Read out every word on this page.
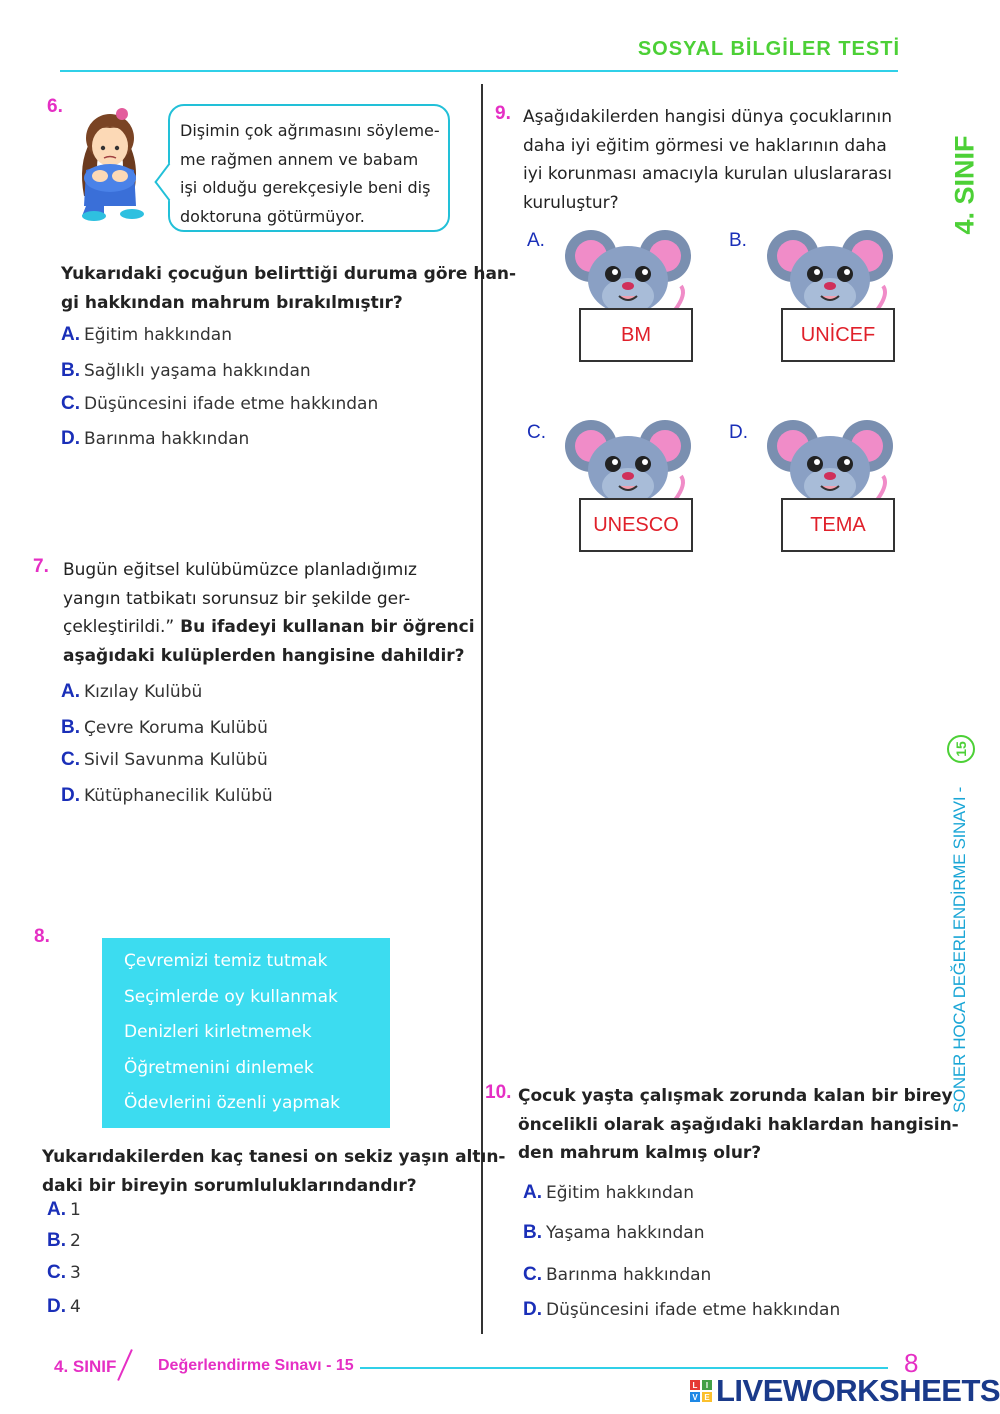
SOSYAL BİLGİLER TESTİ
4. SINIF
15
SONER HOCA DEĞERLENDİRME SINAVI -
6.
Dişimin çok ağrımasını söyleme-
me rağmen annem ve babam
işi olduğu gerekçesiyle beni diş
doktoruna götürmüyor.
Yukarıdaki çocuğun belirttiği duruma göre han-
gi hakkından mahrum bırakılmıştır?
A. Eğitim hakkından
B. Sağlıklı yaşama hakkından
C. Düşüncesini ifade etme hakkından
D. Barınma hakkından
7. Bugün eğitsel kulübümüzce planladığımız
yangın tatbikatı sorunsuz bir şekilde ger-
çekleştirildi.” Bu ifadeyi kullanan bir öğrenci
aşağıdaki kulüplerden hangisine dahildir?
A. Kızılay Kulübü
B. Çevre Koruma Kulübü
C. Sivil Savunma Kulübü
D. Kütüphanecilik Kulübü
8.
Çevremizi temiz tutmak
Seçimlerde oy kullanmak
Denizleri kirletmemek
Öğretmenini dinlemek
Ödevlerini özenli yapmak
Yukarıdakilerden kaç tanesi on sekiz yaşın altın-
daki bir bireyin sorumluluklarındandır?
A. 1
B. 2
C. 3
D. 4
9. Aşağıdakilerden hangisi dünya çocuklarının
daha iyi eğitim görmesi ve haklarının daha
iyi korunması amacıyla kurulan uluslararası
kuruluştur?
A.
BM
B.
UNİCEF
C.
UNESCO
D.
TEMA
10. Çocuk yaşta çalışmak zorunda kalan bir birey
öncelikli olarak aşağıdaki haklardan hangisin-
den mahrum kalmış olur?
A. Eğitim hakkından
B. Yaşama hakkından
C. Barınma hakkından
D. Düşüncesini ifade etme hakkından
4. SINIF	Değerlendirme Sınavı - 15	8
L	I
V E LIVEWORKSHEETS
